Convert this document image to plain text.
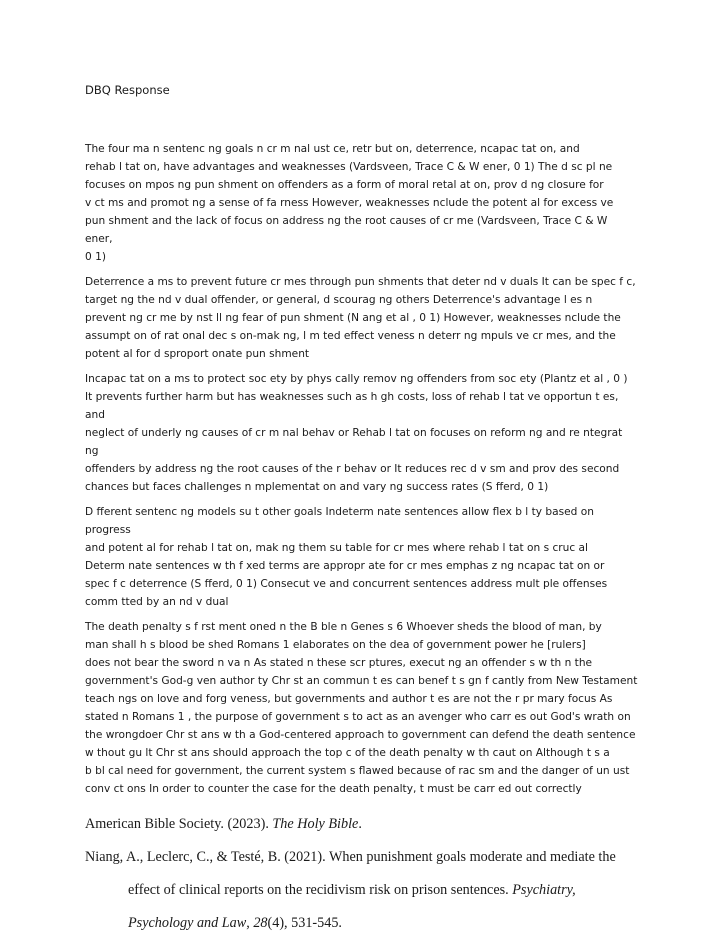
DBQ Response

The four ma n sentenc ng goals n cr m nal ust ce, retr but on, deterrence, ncapac tat on, and
rehab l tat on, have advantages and weaknesses (Vardsveen, Trace C & W ener, 0 1) The d sc pl ne
focuses on mpos ng pun shment on offenders as a form of moral retal at on, prov d ng closure for
v ct ms and promot ng a sense of fa rness However, weaknesses nclude the potent al for excess ve
pun shment and the lack of focus on address ng the root causes of cr me (Vardsveen, Trace C & W ener,
0 1)

Deterrence a ms to prevent future cr mes through pun shments that deter nd v duals It can be spec f c,
target ng the nd v dual offender, or general, d scourag ng others Deterrence's advantage l es n
prevent ng cr me by nst ll ng fear of pun shment (N ang et al , 0 1) However, weaknesses nclude the
assumpt on of rat onal dec s on-mak ng, l m ted effect veness n deterr ng mpuls ve cr mes, and the
potent al for d sproport onate pun shment

Incapac tat on a ms to protect soc ety by phys cally remov ng offenders from soc ety (Plantz et al , 0 )
It prevents further harm but has weaknesses such as h gh costs, loss of rehab l tat ve opportun t es, and
neglect of underly ng causes of cr m nal behav or Rehab l tat on focuses on reform ng and re ntegrat ng
offenders by address ng the root causes of the r behav or It reduces rec d v sm and prov des second
chances but faces challenges n mplementat on and vary ng success rates (S fferd, 0 1)

D fferent sentenc ng models su t other goals Indeterm nate sentences allow flex b l ty based on progress
and potent al for rehab l tat on, mak ng them su table for cr mes where rehab l tat on s cruc al
Determ nate sentences w th f xed terms are appropr ate for cr mes emphas z ng ncapac tat on or
spec f c deterrence (S fferd, 0 1) Consecut ve and concurrent sentences address mult ple offenses
comm tted by an nd v dual

The death penalty s f rst ment oned n the B ble n Genes s 6 Whoever sheds the blood of man, by
man shall h s blood be shed Romans 1 elaborates on the dea of government power he [rulers]
does not bear the sword n va n As stated n these scr ptures, execut ng an offender s w th n the
government's God-g ven author ty Chr st an commun t es can benef t s gn f cantly from New Testament
teach ngs on love and forg veness, but governments and author t es are not the r pr mary focus As
stated n Romans 1 , the purpose of government s to act as an avenger who carr es out God's wrath on
the wrongdoer Chr st ans w th a God-centered approach to government can defend the death sentence
w thout gu lt Chr st ans should approach the top c of the death penalty w th caut on Although t s a
b bl cal need for government, the current system s flawed because of rac sm and the danger of un ust
conv ct ons In order to counter the case for the death penalty, t must be carr ed out correctly

American Bible Society. (2023). The Holy Bible.

Niang, A., Leclerc, C., & Testé, B. (2021). When punishment goals moderate and mediate the
effect of clinical reports on the recidivism risk on prison sentences. Psychiatry,
Psychology and Law, 28(4), 531-545.
